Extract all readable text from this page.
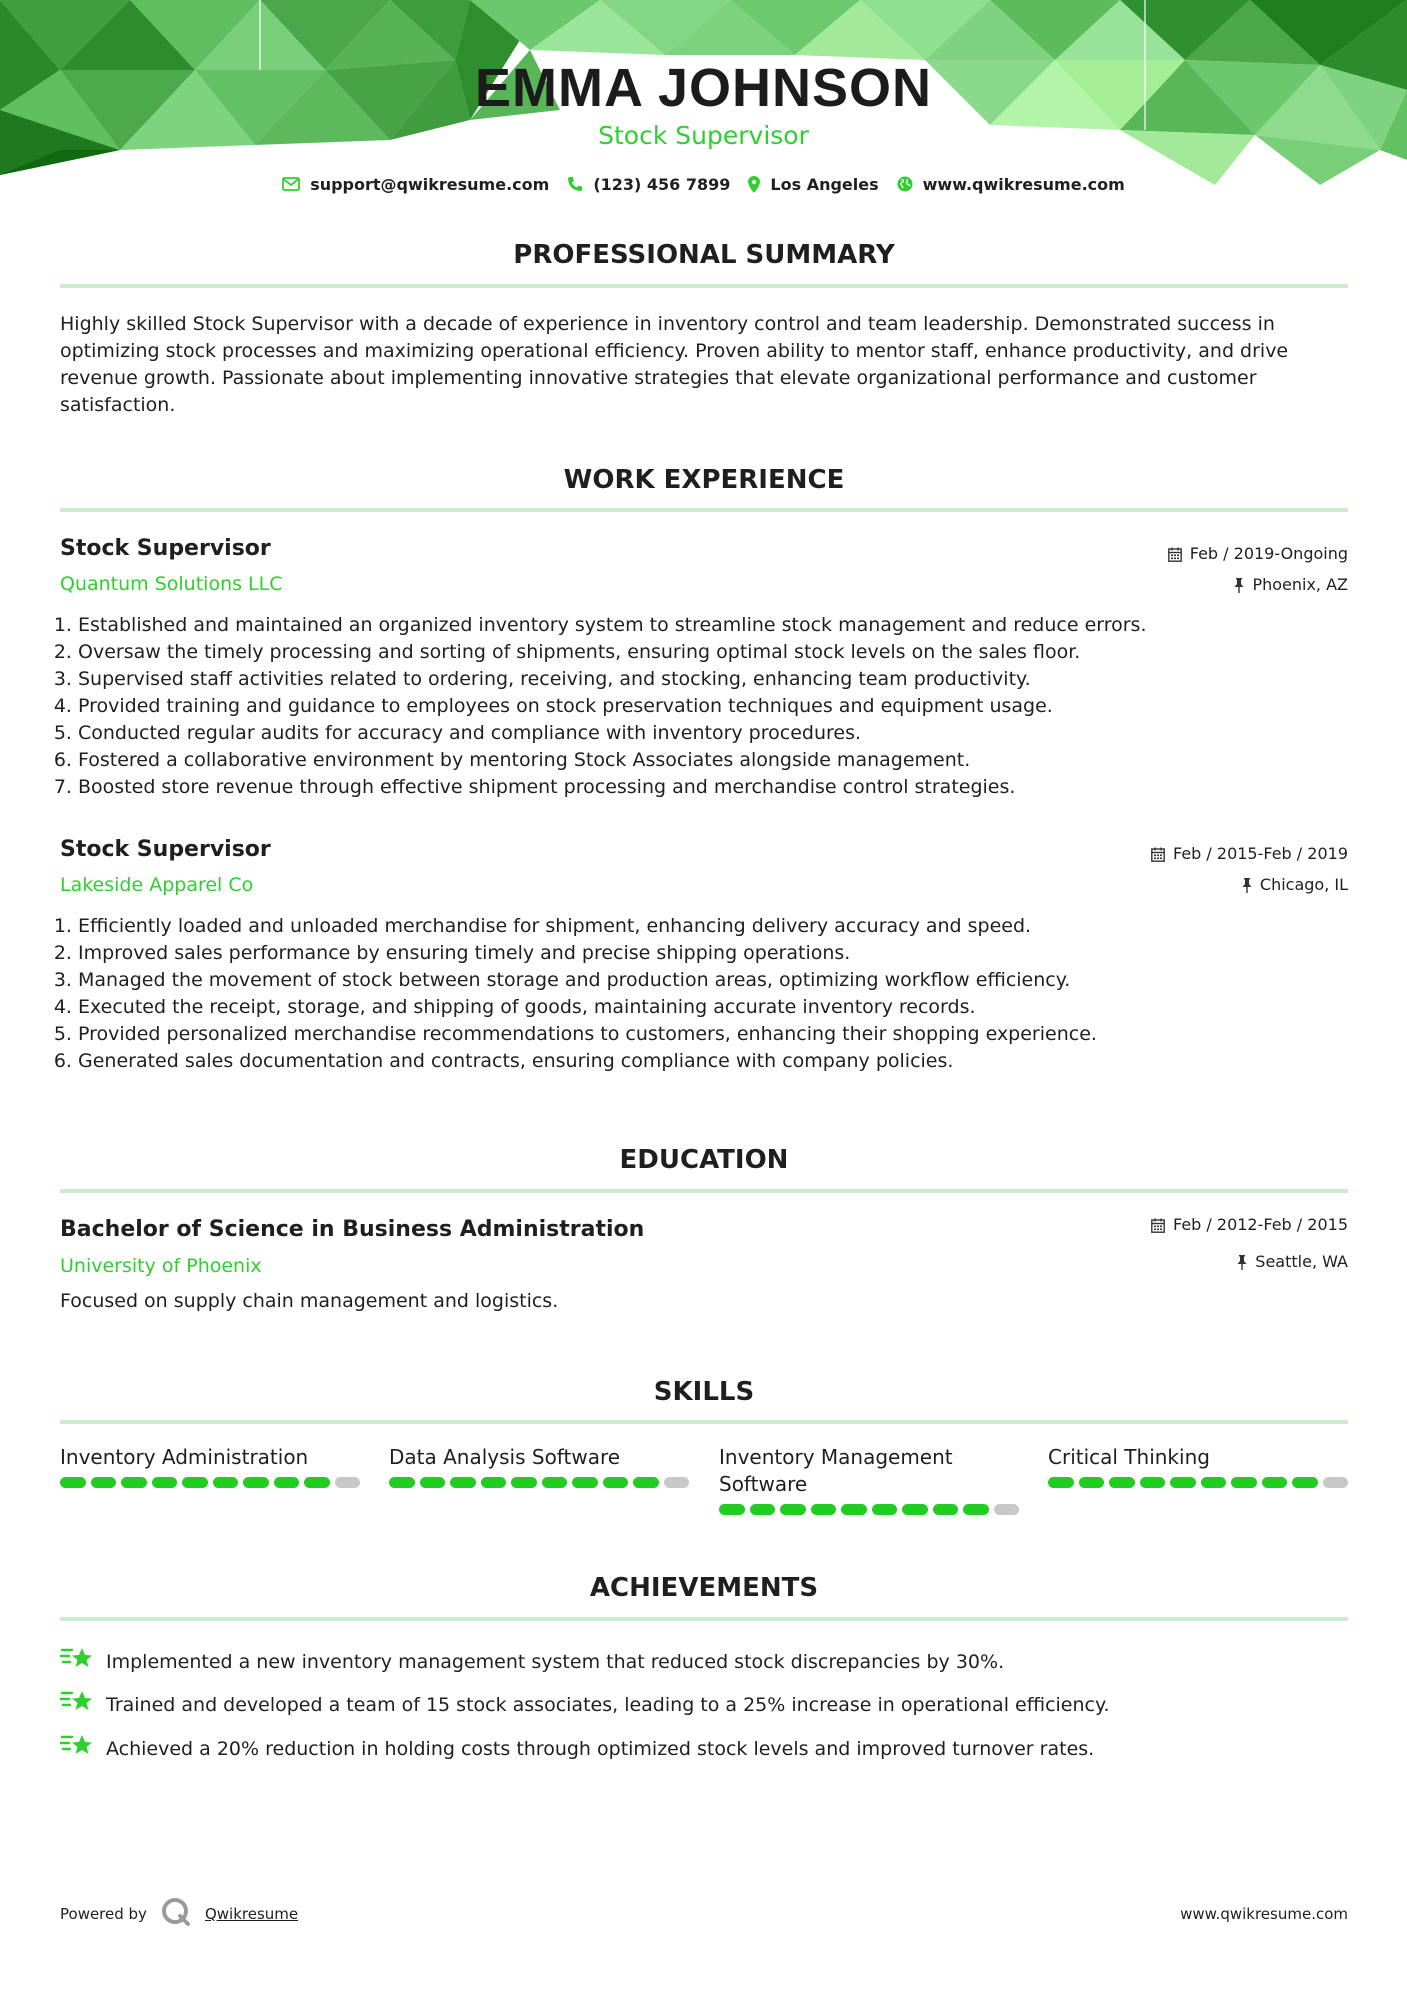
EMMA JOHNSON
Stock Supervisor
support@qwikresume.com	(123) 456 7899	Los Angeles	www.qwikresume.com
PROFESSIONAL SUMMARY
Highly skilled Stock Supervisor with a decade of experience in inventory control and team leadership. Demonstrated success in optimizing stock processes and maximizing operational efficiency. Proven ability to mentor staff, enhance productivity, and drive revenue growth. Passionate about implementing innovative strategies that elevate organizational performance and customer satisfaction.
WORK EXPERIENCE
Stock Supervisor
Quantum Solutions LLC
Feb / 2019-Ongoing
Phoenix, AZ
1. Established and maintained an organized inventory system to streamline stock management and reduce errors.
2. Oversaw the timely processing and sorting of shipments, ensuring optimal stock levels on the sales floor.
3. Supervised staff activities related to ordering, receiving, and stocking, enhancing team productivity.
4. Provided training and guidance to employees on stock preservation techniques and equipment usage.
5. Conducted regular audits for accuracy and compliance with inventory procedures.
6. Fostered a collaborative environment by mentoring Stock Associates alongside management.
7. Boosted store revenue through effective shipment processing and merchandise control strategies.
Stock Supervisor
Lakeside Apparel Co
Feb / 2015-Feb / 2019
Chicago, IL
1. Efficiently loaded and unloaded merchandise for shipment, enhancing delivery accuracy and speed.
2. Improved sales performance by ensuring timely and precise shipping operations.
3. Managed the movement of stock between storage and production areas, optimizing workflow efficiency.
4. Executed the receipt, storage, and shipping of goods, maintaining accurate inventory records.
5. Provided personalized merchandise recommendations to customers, enhancing their shopping experience.
6. Generated sales documentation and contracts, ensuring compliance with company policies.
EDUCATION
Bachelor of Science in Business Administration
University of Phoenix
Feb / 2012-Feb / 2015
Seattle, WA
Focused on supply chain management and logistics.
SKILLS
Inventory Administration	Data Analysis Software	Inventory Management Software
Critical Thinking
ACHIEVEMENTS
Implemented a new inventory management system that reduced stock discrepancies by 30%.
Trained and developed a team of 15 stock associates, leading to a 25% increase in operational efficiency.
Achieved a 20% reduction in holding costs through optimized stock levels and improved turnover rates.
Powered by	Qwikresume	www.qwikresume.com
